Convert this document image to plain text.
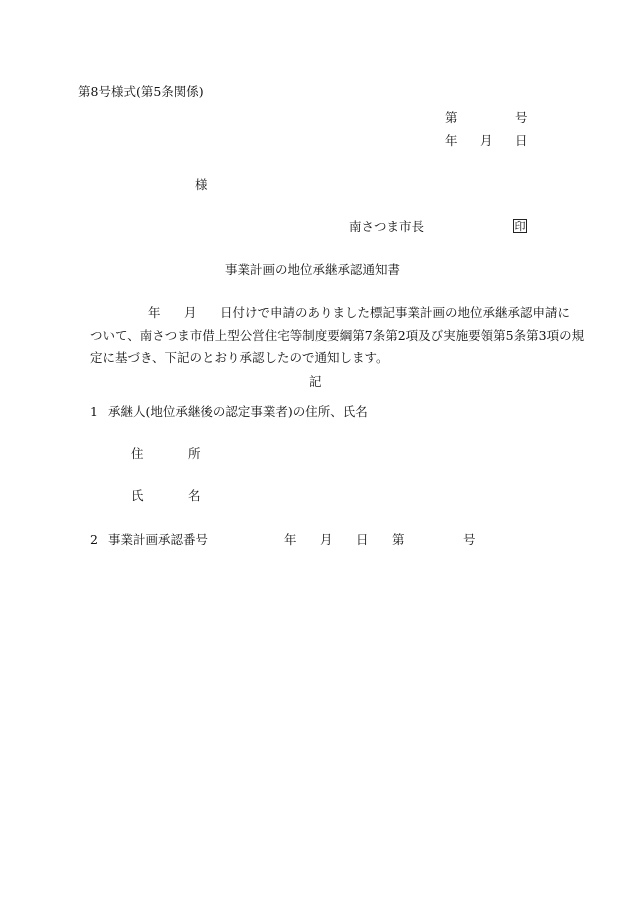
第8号様式(第5条関係)
第	号
年 月 日
様
南さつま市長	印
事業計画の地位承継承認通知書
年 月 日付けで申請のありました標記事業計画の地位承継承認申請に
ついて、南さつま市借上型公営住宅等制度要綱第7条第2項及び実施要領第5条第3項の規
定に基づき、下記のとおり承認したので通知します。
記
1 承継人(地位承継後の認定事業者)の住所、氏名
住	所
氏	名
2 事業計画承認番号	年 月 日 第	号
